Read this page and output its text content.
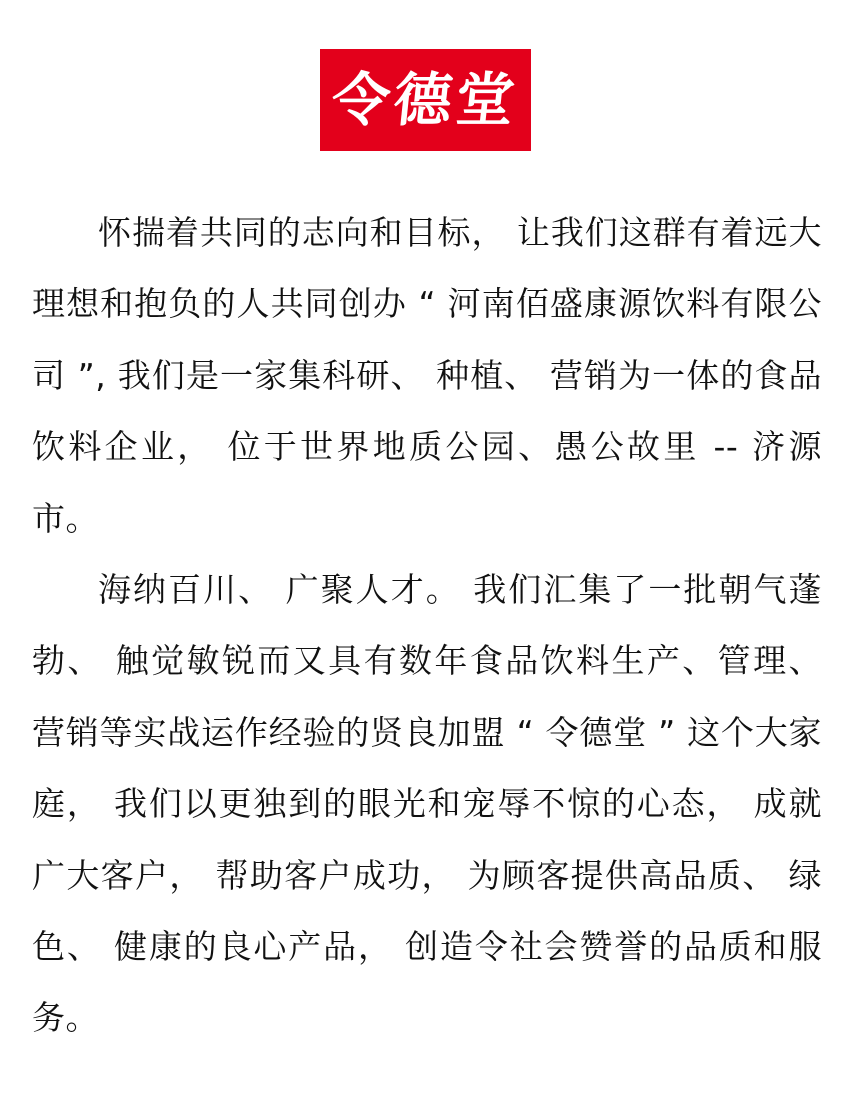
令德堂

怀揣着共同的志向和目标， 让我们这群有着远大理想和抱负的人共同创办 “ 河南佰盛康源饮料有限公司 ”, 我们是一家集科研、 种植、 营销为一体的食品饮料企业， 位于世界地质公园、愚公故里 -- 济源市。

海纳百川、 广聚人才。 我们汇集了一批朝气蓬勃、 触觉敏锐而又具有数年食品饮料生产、管理、 营销等实战运作经验的贤良加盟 “ 令德堂 ” 这个大家庭， 我们以更独到的眼光和宠辱不惊的心态， 成就广大客户， 帮助客户成功， 为顾客提供高品质、 绿色、 健康的良心产品， 创造令社会赞誉的品质和服务。
